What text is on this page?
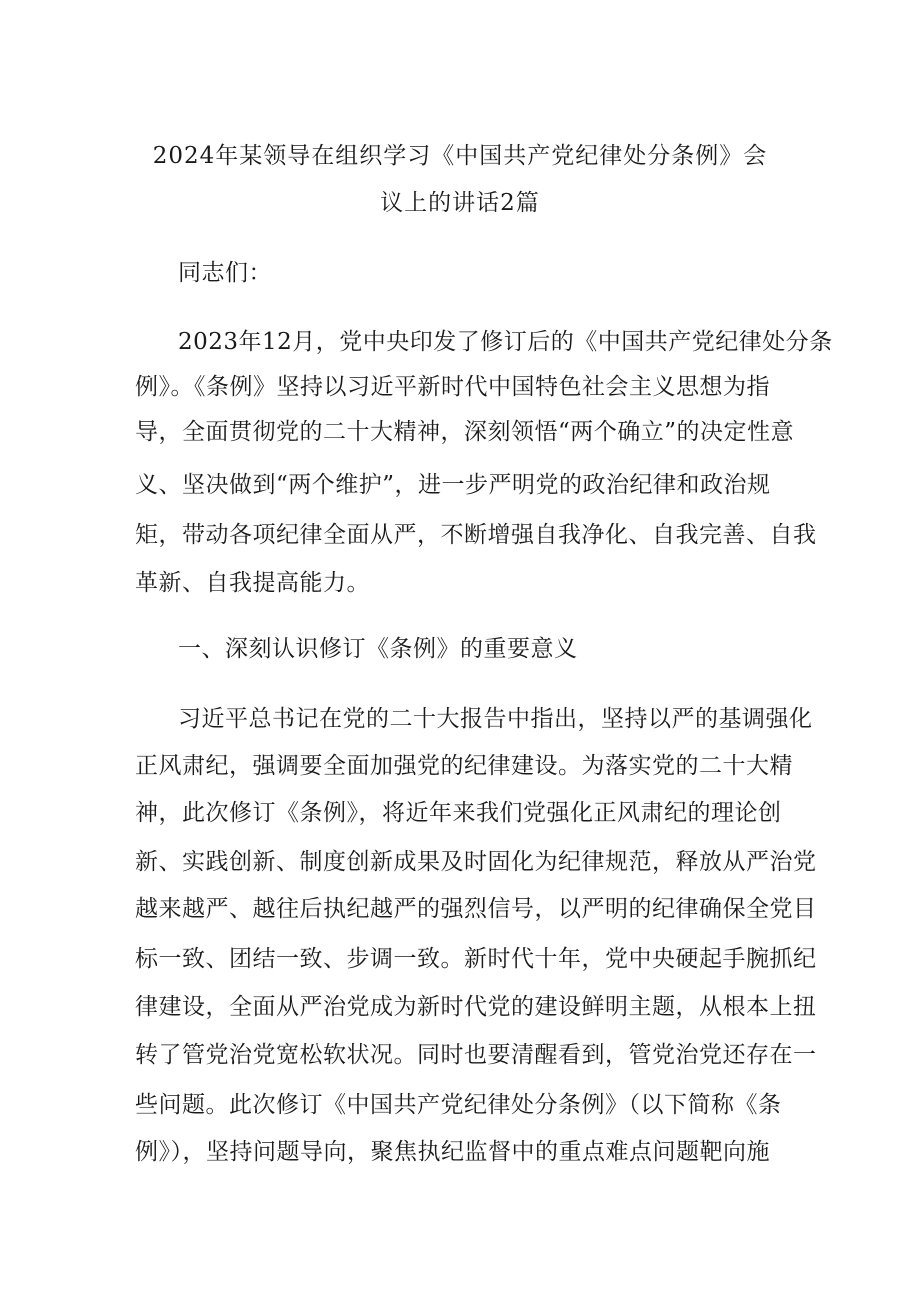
2024年某领导在组织学习《中国共产党纪律处分条例》会
议上的讲话2篇
同志们：
2023年12月，党中央印发了修订后的《中国共产党纪律处分条
例》。《条例》坚持以习近平新时代中国特色社会主义思想为指
导，全面贯彻党的二十大精神，深刻领悟“两个确立”的决定性意
义、坚决做到“两个维护”，进一步严明党的政治纪律和政治规
矩，带动各项纪律全面从严，不断增强自我净化、自我完善、自我
革新、自我提高能力。
一、深刻认识修订《条例》的重要意义
习近平总书记在党的二十大报告中指出，坚持以严的基调强化
正风肃纪，强调要全面加强党的纪律建设。为落实党的二十大精
神，此次修订《条例》，将近年来我们党强化正风肃纪的理论创
新、实践创新、制度创新成果及时固化为纪律规范，释放从严治党
越来越严、越往后执纪越严的强烈信号，以严明的纪律确保全党目
标一致、团结一致、步调一致。新时代十年，党中央硬起手腕抓纪
律建设，全面从严治党成为新时代党的建设鲜明主题，从根本上扭
转了管党治党宽松软状况。同时也要清醒看到，管党治党还存在一
些问题。此次修订《中国共产党纪律处分条例》（以下简称《条
例》），坚持问题导向，聚焦执纪监督中的重点难点问题靶向施
